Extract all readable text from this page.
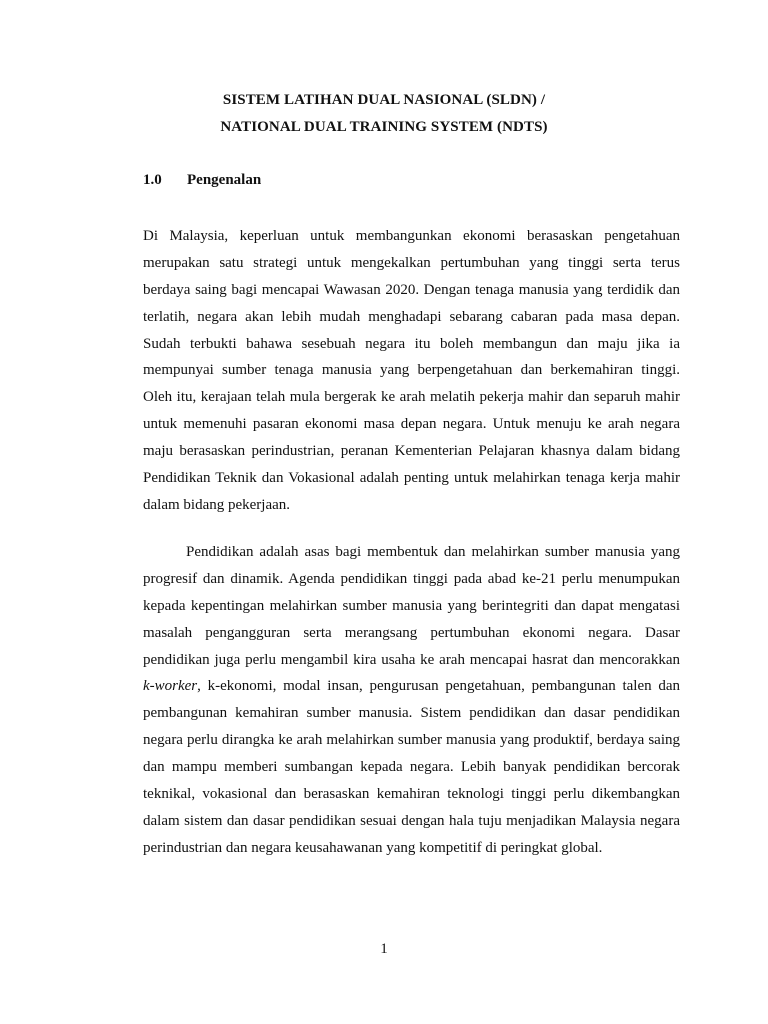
SISTEM LATIHAN DUAL NASIONAL (SLDN) /
NATIONAL DUAL TRAINING SYSTEM (NDTS)
1.0 Pengenalan
Di Malaysia, keperluan untuk membangunkan ekonomi berasaskan pengetahuan
merupakan satu strategi untuk mengekalkan pertumbuhan yang tinggi serta terus
berdaya saing bagi mencapai Wawasan 2020. Dengan tenaga manusia yang terdidik dan
terlatih, negara akan lebih mudah menghadapi sebarang cabaran pada masa depan.
Sudah terbukti bahawa sesebuah negara itu boleh membangun dan maju jika ia
mempunyai sumber tenaga manusia yang berpengetahuan dan berkemahiran tinggi.
Oleh itu, kerajaan telah mula bergerak ke arah melatih pekerja mahir dan separuh mahir
untuk memenuhi pasaran ekonomi masa depan negara. Untuk menuju ke arah negara
maju berasaskan perindustrian, peranan Kementerian Pelajaran khasnya dalam bidang
Pendidikan Teknik dan Vokasional adalah penting untuk melahirkan tenaga kerja mahir
dalam bidang pekerjaan.
Pendidikan adalah asas bagi membentuk dan melahirkan sumber manusia yang
progresif dan dinamik. Agenda pendidikan tinggi pada abad ke-21 perlu menumpukan
kepada kepentingan melahirkan sumber manusia yang berintegriti dan dapat mengatasi
masalah pengangguran serta merangsang pertumbuhan ekonomi negara. Dasar
pendidikan juga perlu mengambil kira usaha ke arah mencapai hasrat dan mencorakkan
k-worker, k-ekonomi, modal insan, pengurusan pengetahuan, pembangunan talen dan
pembangunan kemahiran sumber manusia. Sistem pendidikan dan dasar pendidikan
negara perlu dirangka ke arah melahirkan sumber manusia yang produktif, berdaya saing
dan mampu memberi sumbangan kepada negara. Lebih banyak pendidikan bercorak
teknikal, vokasional dan berasaskan kemahiran teknologi tinggi perlu dikembangkan
dalam sistem dan dasar pendidikan sesuai dengan hala tuju menjadikan Malaysia negara
perindustrian dan negara keusahawanan yang kompetitif di peringkat global.
1
